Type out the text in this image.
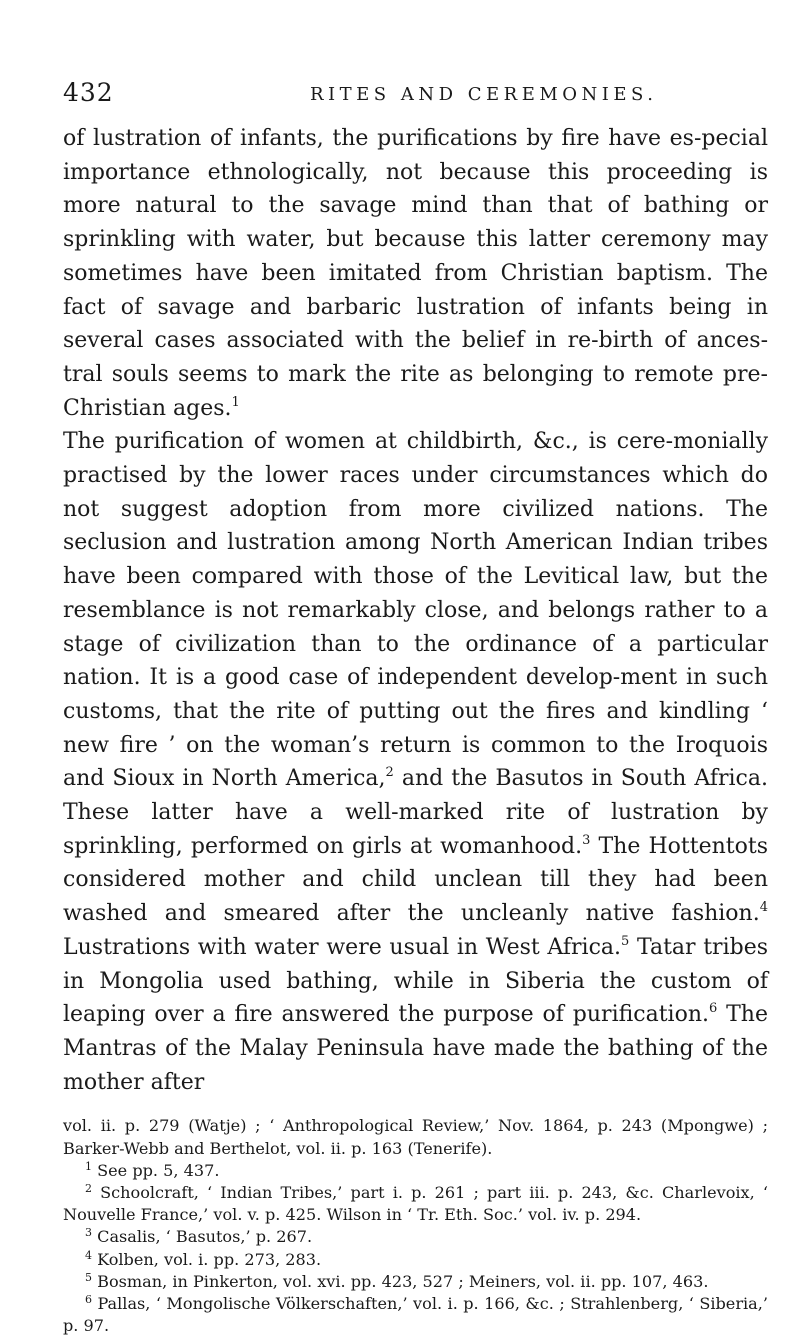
432	RITES AND CEREMONIES.

of lustration of infants, the purifications by fire have es-pecial importance ethnologically, not because this proceeding is more natural to the savage mind than that of bathing or sprinkling with water, but because this latter ceremony may sometimes have been imitated from Christian baptism. The fact of savage and barbaric lustration of infants being in several cases associated with the belief in re-birth of ances-tral souls seems to mark the rite as belonging to remote pre-Christian ages.$^1$

The purification of women at childbirth, &c., is cere-monially practised by the lower races under circumstances which do not suggest adoption from more civilized nations. The seclusion and lustration among North American Indian tribes have been compared with those of the Levitical law, but the resemblance is not remarkably close, and belongs rather to a stage of civilization than to the ordinance of a particular nation. It is a good case of independent develop-ment in such customs, that the rite of putting out the fires and kindling ‘ new fire ’ on the woman’s return is common to the Iroquois and Sioux in North America,$^2$ and the Basutos in South Africa. These latter have a well-marked rite of lustration by sprinkling, performed on girls at womanhood.$^3$ The Hottentots considered mother and child unclean till they had been washed and smeared after the uncleanly native fashion.$^4$ Lustrations with water were usual in West Africa.$^5$ Tatar tribes in Mongolia used bathing, while in Siberia the custom of leaping over a fire answered the purpose of purification.$^6$ The Mantras of the Malay Peninsula have made the bathing of the mother after

vol. ii. p. 279 (Watje) ; ‘ Anthropological Review,’ Nov. 1864, p. 243 (Mpongwe) ; Barker-Webb and Berthelot, vol. ii. p. 163 (Tenerife).

$^1$ See pp. 5, 437.

$^2$ Schoolcraft, ‘ Indian Tribes,’ part i. p. 261 ; part iii. p. 243, &c. Charlevoix, ‘ Nouvelle France,’ vol. v. p. 425. Wilson in ‘ Tr. Eth. Soc.’ vol. iv. p. 294.

$^3$ Casalis, ‘ Basutos,’ p. 267.

$^4$ Kolben, vol. i. pp. 273, 283.

$^5$ Bosman, in Pinkerton, vol. xvi. pp. 423, 527 ; Meiners, vol. ii. pp. 107, 463.

$^6$ Pallas, ‘ Mongolische Völkerschaften,’ vol. i. p. 166, &c. ; Strahlenberg, ‘ Siberia,’ p. 97.
